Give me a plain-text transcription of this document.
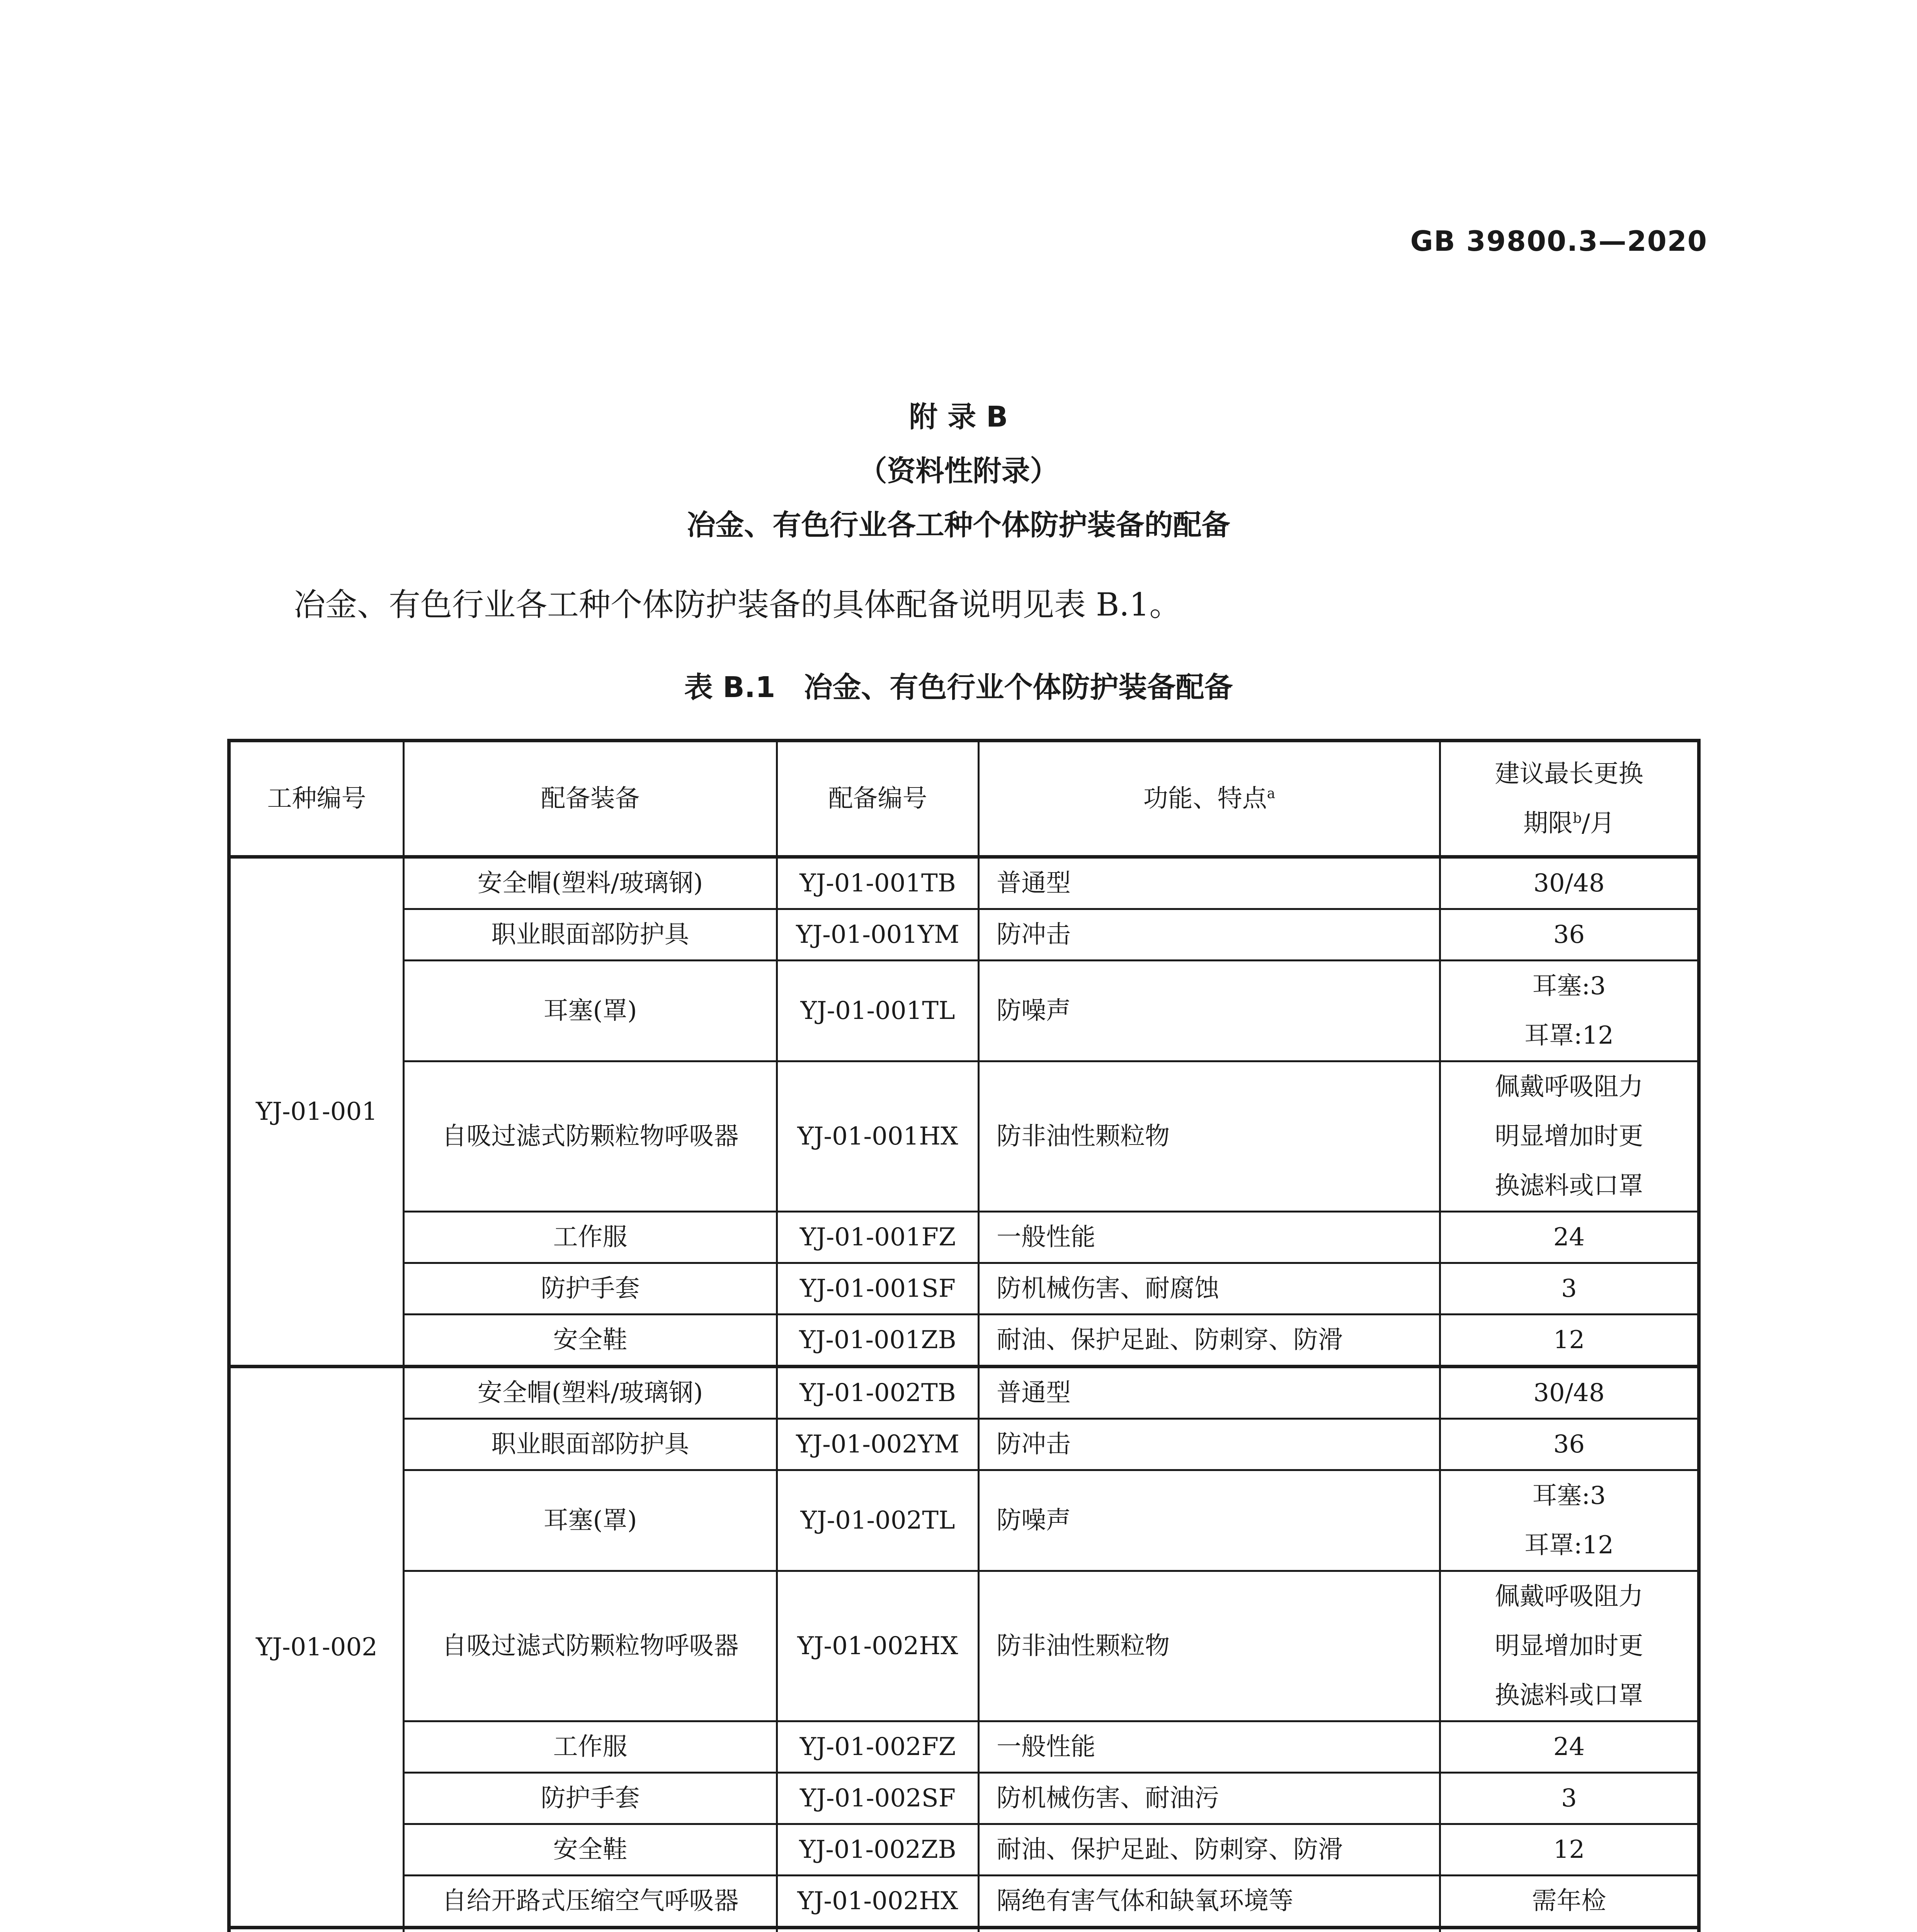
GB 39800.3—2020
附 录 B
（资料性附录）
冶金、有色行业各工种个体防护装备的配备
冶金、有色行业各工种个体防护装备的具体配备说明见表 B.1。
表 B.1　冶金、有色行业个体防护装备配备
工种编号	配备装备	配备编号	功能、特点$^a$	建议最长更换
期限$^b$/月

YJ-01-001	安全帽(塑料/玻璃钢)	YJ-01-001TB	普通型	30/48

	职业眼面部防护具	YJ-01-001YM	防冲击	36

	耳塞(罩)	YJ-01-001TL	防噪声	耳塞:3
耳罩:12

	自吸过滤式防颗粒物呼吸器	YJ-01-001HX	防非油性颗粒物	佩戴呼吸阻力
明显增加时更
换滤料或口罩

	工作服	YJ-01-001FZ	一般性能	24

	防护手套	YJ-01-001SF	防机械伤害、耐腐蚀	3

	安全鞋	YJ-01-001ZB	耐油、保护足趾、防刺穿、防滑	12

YJ-01-002	安全帽(塑料/玻璃钢)	YJ-01-002TB	普通型	30/48

	职业眼面部防护具	YJ-01-002YM	防冲击	36

	耳塞(罩)	YJ-01-002TL	防噪声	耳塞:3
耳罩:12

	自吸过滤式防颗粒物呼吸器	YJ-01-002HX	防非油性颗粒物	佩戴呼吸阻力
明显增加时更
换滤料或口罩

	工作服	YJ-01-002FZ	一般性能	24

	防护手套	YJ-01-002SF	防机械伤害、耐油污	3

	安全鞋	YJ-01-002ZB	耐油、保护足趾、防刺穿、防滑	12

	自给开路式压缩空气呼吸器	YJ-01-002HX	隔绝有害气体和缺氧环境等	需年检
